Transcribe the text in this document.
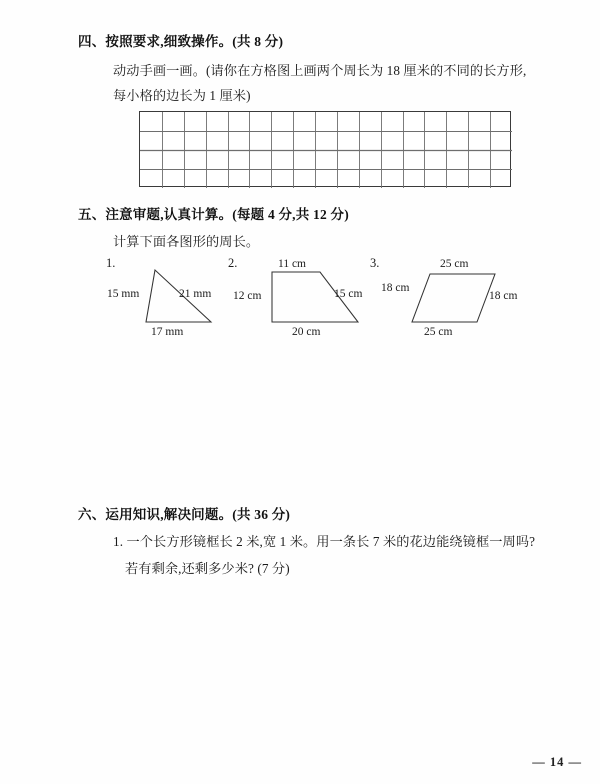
四、按照要求,细致操作。(共 8 分)
动动手画一画。(请你在方格图上画两个周长为 18 厘米的不同的长方形,
每小格的边长为 1 厘米)
五、注意审题,认真计算。(每题 4 分,共 12 分)
计算下面各图形的周长。
1.
15 mm	21 mm
17 mm
2.	11 cm
12 cm	15 cm
20 cm
3.	25 cm
18 cm
18 cm
25 cm
六、运用知识,解决问题。(共 36 分)
1. 一个长方形镜框长 2 米,宽 1 米。用一条长 7 米的花边能绕镜框一周吗?
若有剩余,还剩多少米? (7 分)
— 14 —
